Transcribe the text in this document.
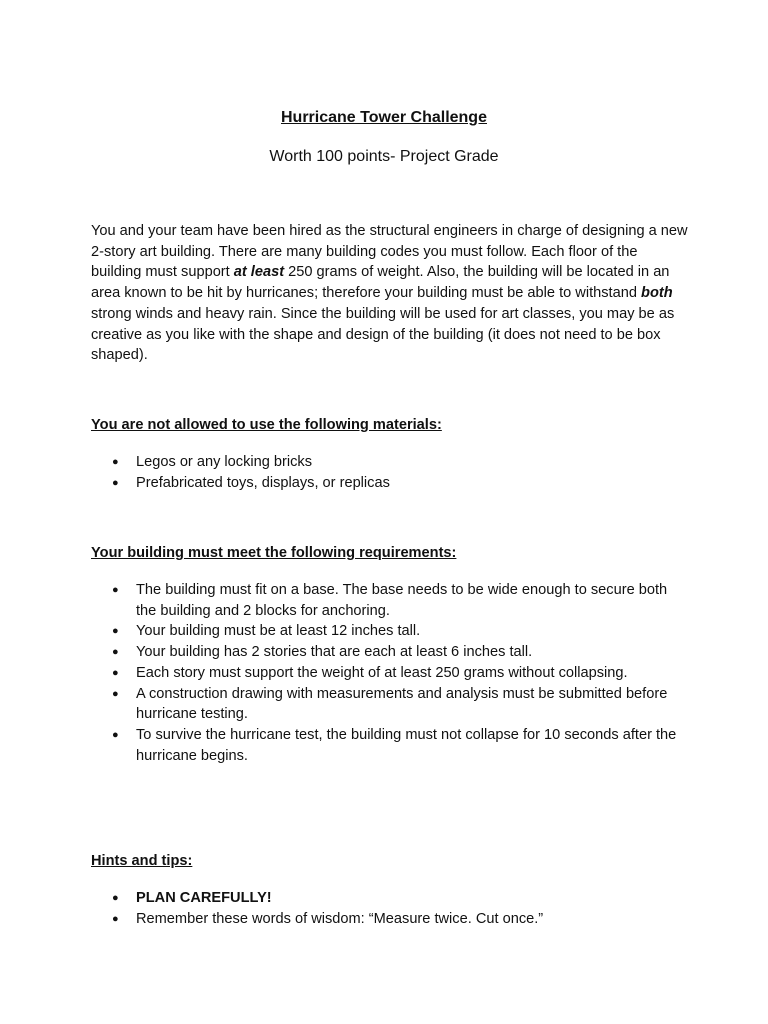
Hurricane Tower Challenge
Worth 100 points- Project Grade

You and your team have been hired as the structural engineers in charge of designing a new 2-story art building. There are many building codes you must follow. Each floor of the building must support at least 250 grams of weight. Also, the building will be located in an area known to be hit by hurricanes; therefore your building must be able to withstand both strong winds and heavy rain. Since the building will be used for art classes, you may be as creative as you like with the shape and design of the building (it does not need to be box shaped).

You are not allowed to use the following materials:
● Legos or any locking bricks
● Prefabricated toys, displays, or replicas
Your building must meet the following requirements:
● The building must fit on a base. The base needs to be wide enough to secure both the building and 2 blocks for anchoring.
● Your building must be at least 12 inches tall.
● Your building has 2 stories that are each at least 6 inches tall.
● Each story must support the weight of at least 250 grams without collapsing.
● A construction drawing with measurements and analysis must be submitted before hurricane testing.
● To survive the hurricane test, the building must not collapse for 10 seconds after the hurricane begins.
Hints and tips:
● PLAN CAREFULLY!
● Remember these words of wisdom: “Measure twice. Cut once.”
